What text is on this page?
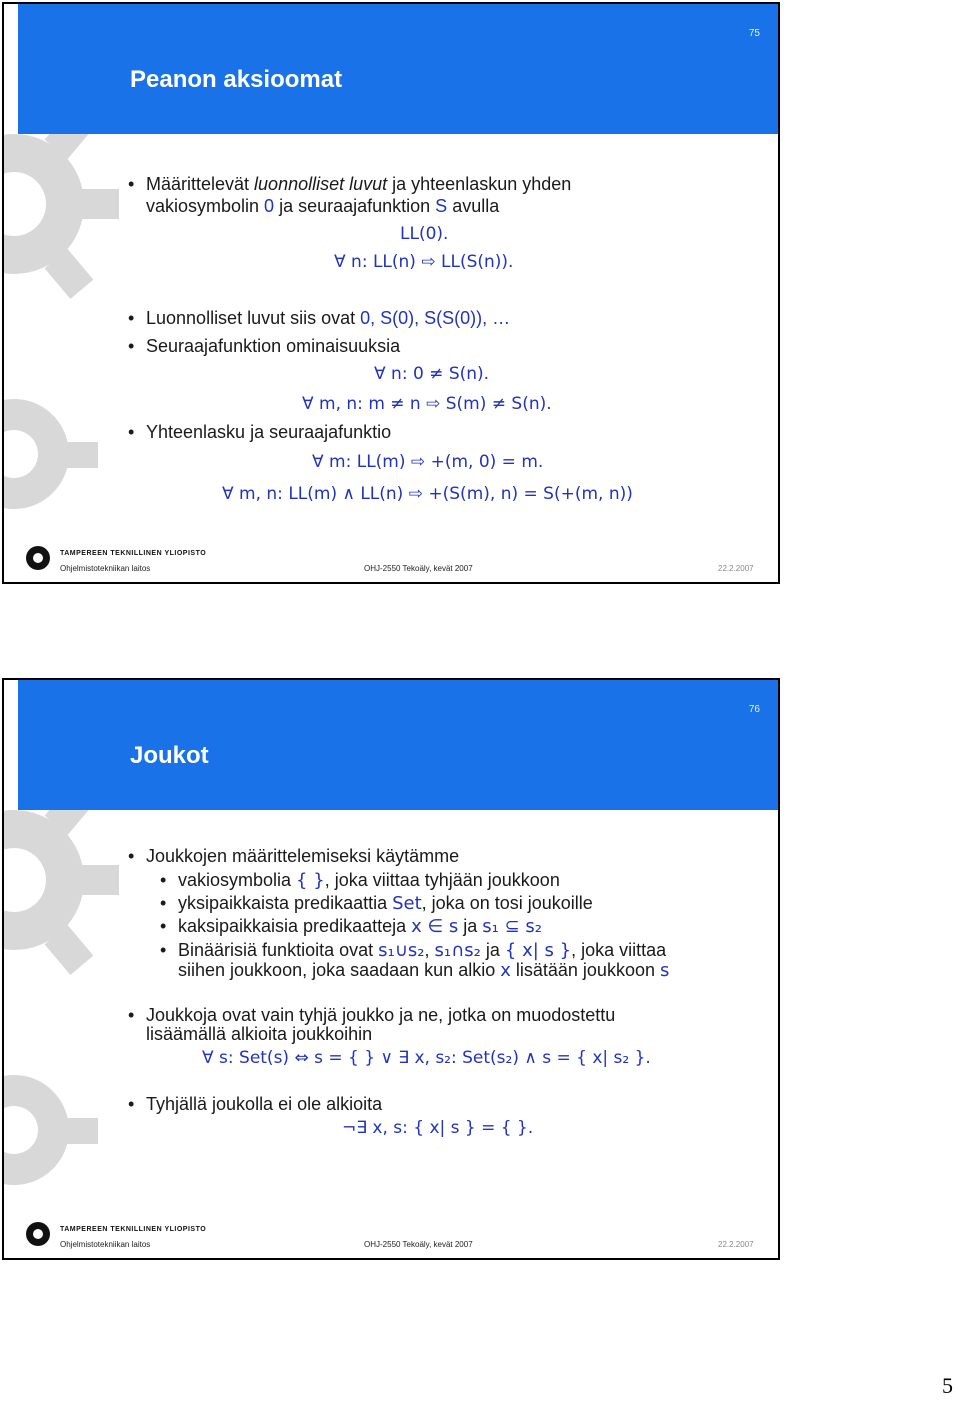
75
Peanon aksioomat
• Määrittelevät luonnolliset luvut ja yhteenlaskun yhden
vakiosymbolin 0 ja seuraajafunktion S avulla
LL(0).
∀ n: LL(n) ⇨ LL(S(n)).
• Luonnolliset luvut siis ovat 0, S(0), S(S(0)), …
• Seuraajafunktion ominaisuuksia
∀ n: 0 ≠ S(n).
∀ m, n: m ≠ n ⇨ S(m) ≠ S(n).
• Yhteenlasku ja seuraajafunktio
∀ m: LL(m) ⇨ +(m, 0) = m.
∀ m, n: LL(m) ∧ LL(n) ⇨ +(S(m), n) = S(+(m, n))
TAMPEREEN TEKNILLINEN YLIOPISTO
Ohjelmistotekniikan laitos	OHJ-2550 Tekoäly, kevät 2007	22.2.2007
76
Joukot
• Joukkojen määrittelemiseksi käytämme
• vakiosymbolia { }, joka viittaa tyhjään joukkoon
• yksipaikkaista predikaattia Set, joka on tosi joukoille
• kaksipaikkaisia predikaatteja x ∈ s ja s₁ ⊆ s₂
• Binäärisiä funktioita ovat s₁∪s₂, s₁∩s₂ ja { x| s }, joka viittaa
siihen joukkoon, joka saadaan kun alkio x lisätään joukkoon s
• Joukkoja ovat vain tyhjä joukko ja ne, jotka on muodostettu
lisäämällä alkioita joukkoihin
∀ s: Set(s) ⇔ s = { } ∨ ∃ x, s₂: Set(s₂) ∧ s = { x| s₂ }.
• Tyhjällä joukolla ei ole alkioita
¬∃ x, s: { x| s } = { }.
TAMPEREEN TEKNILLINEN YLIOPISTO
Ohjelmistotekniikan laitos	OHJ-2550 Tekoäly, kevät 2007	22.2.2007
5
